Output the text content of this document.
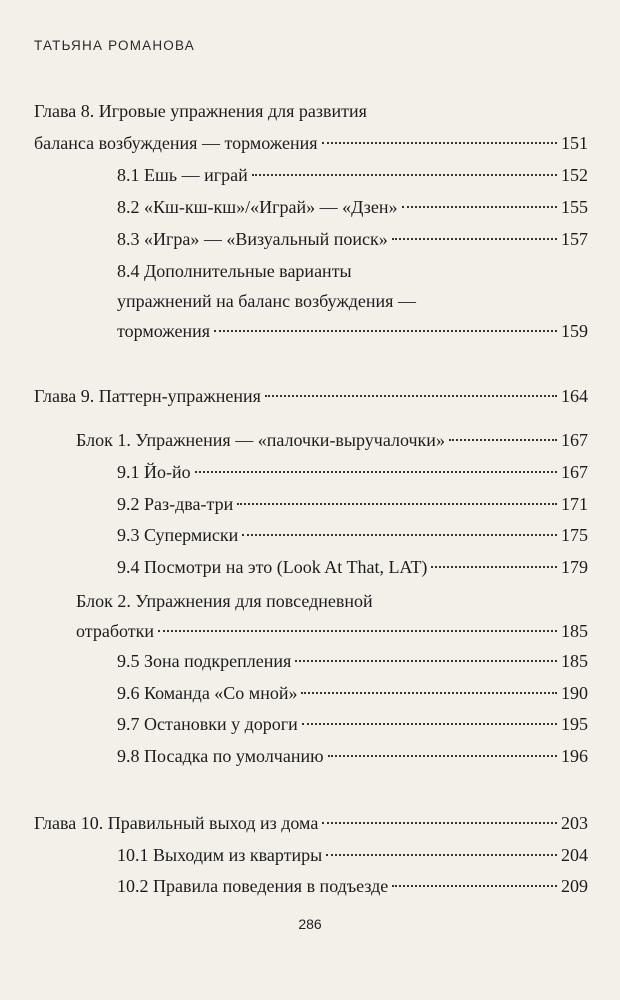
ТАТЬЯНА РОМАНОВА
Глава 8. Игровые упражнения для развития
баланса возбуждения — торможения	151
8.1 Ешь — играй	152
8.2 «Кш-кш-кш»/«Играй» — «Дзен»	155
8.3 «Игра» — «Визуальный поиск»	157
8.4 Дополнительные варианты
упражнений на баланс возбуждения —
торможения	159
Глава 9. Паттерн-упражнения	164
Блок 1. Упражнения — «палочки-выручалочки»	167
9.1 Йо-йо	167
9.2 Раз-два-три	171
9.3 Супермиски	175
9.4 Посмотри на это (Look At That, LAT)	179
Блок 2. Упражнения для повседневной
отработки	185
9.5 Зона подкрепления	185
9.6 Команда «Со мной»	190
9.7 Остановки у дороги	195
9.8 Посадка по умолчанию	196
Глава 10. Правильный выход из дома	203
10.1 Выходим из квартиры	204
10.2 Правила поведения в подъезде	209
286
